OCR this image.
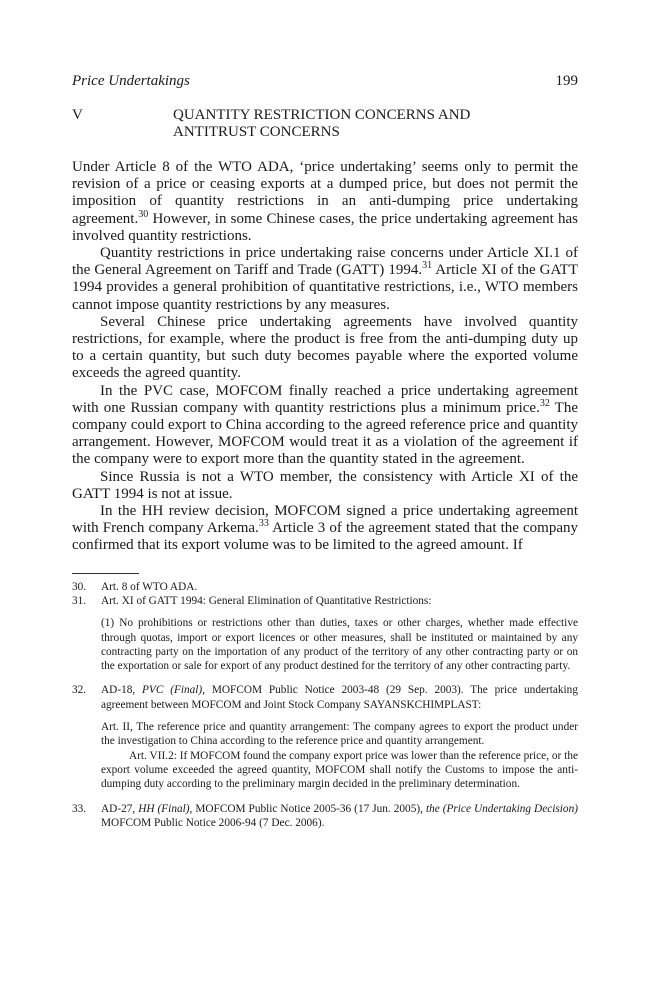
Price Undertakings	199
V	QUANTITY RESTRICTION CONCERNS AND
ANTITRUST CONCERNS

Under Article 8 of the WTO ADA, ‘price undertaking’ seems only to permit the revision of a price or ceasing exports at a dumped price, but does not permit the imposition of quantity restrictions in an anti-dumping price undertaking agreement.$^{30}$ However, in some Chinese cases, the price undertaking agreement has involved quantity restrictions.

Quantity restrictions in price undertaking raise concerns under Article XI.1 of the General Agreement on Tariff and Trade (GATT) 1994.31 Article XI of the GATT 1994 provides a general prohibition of quantitative restrictions, i.e., WTO members cannot impose quantity restrictions by any measures.

Several Chinese price undertaking agreements have involved quantity restrictions, for example, where the product is free from the anti-dumping duty up to a certain quantity, but such duty becomes payable where the exported volume exceeds the agreed quantity.

In the PVC case, MOFCOM finally reached a price undertaking agreement with one Russian company with quantity restrictions plus a minimum price.$^{32}$ The company could export to China according to the agreed reference price and quantity arrangement. However, MOFCOM would treat it as a violation of the agreement if the company were to export more than the quantity stated in the agreement.

Since Russia is not a WTO member, the consistency with Article XI of the GATT 1994 is not at issue.

In the HH review decision, MOFCOM signed a price undertaking agreement with French company Arkema.$^{33}$ Article 3 of the agreement stated that the company confirmed that its export volume was to be limited to the agreed amount. If

30.	Art. 8 of WTO ADA.
31.	Art. XI of GATT 1994: General Elimination of Quantitative Restrictions:

(1) No prohibitions or restrictions other than duties, taxes or other charges, whether made effective through quotas, import or export licences or other measures, shall be instituted or maintained by any contracting party on the importation of any product of the territory of any other contracting party or on the exportation or sale for export of any product destined for the territory of any other contracting party.

32.	AD-18, PVC (Final), MOFCOM Public Notice 2003-48 (29 Sep. 2003). The price undertaking agreement between MOFCOM and Joint Stock Company SAYANSKCHIMPLAST:

Art. II, The reference price and quantity arrangement: The company agrees to export the product under the investigation to China according to the reference price and quantity arrangement.

Art. VII.2: If MOFCOM found the company export price was lower than the reference price, or the export volume exceeded the agreed quantity, MOFCOM shall notify the Customs to impose the anti-dumping duty according to the preliminary margin decided in the preliminary determination.

33.	AD-27, HH (Final), MOFCOM Public Notice 2005-36 (17 Jun. 2005), the (Price Undertaking Decision) MOFCOM Public Notice 2006-94 (7 Dec. 2006).
